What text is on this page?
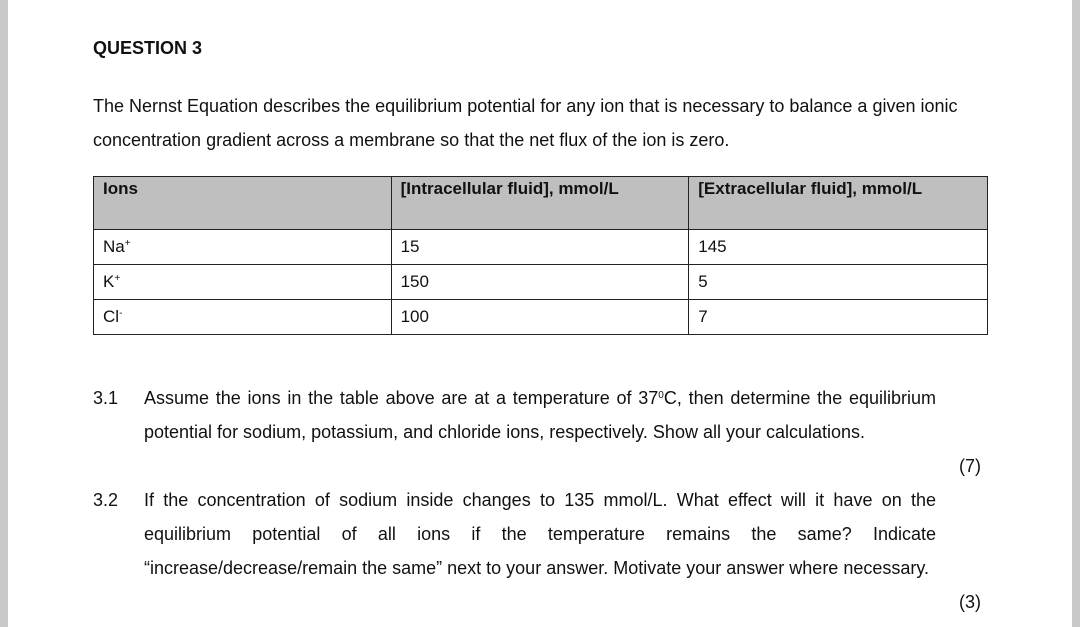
QUESTION 3
The Nernst Equation describes the equilibrium potential for any ion that is necessary to balance a given ionic concentration gradient across a membrane so that the net flux of the ion is zero.
Ions	[Intracellular fluid], mmol/L	[Extracellular fluid], mmol/L
Na+	15	145
K+	150	5
Cl-	100	7
3.1 Assume the ions in the table above are at a temperature of $37^0C$, then determine the equilibrium potential for sodium, potassium, and chloride ions, respectively. Show all your calculations.
(7)
3.2 If the concentration of sodium inside changes to 135 mmol/L. What effect will it have on the equilibrium potential of all ions if the temperature remains the same? Indicate “increase/decrease/remain the same” next to your answer. Motivate your answer where necessary.
(3)
